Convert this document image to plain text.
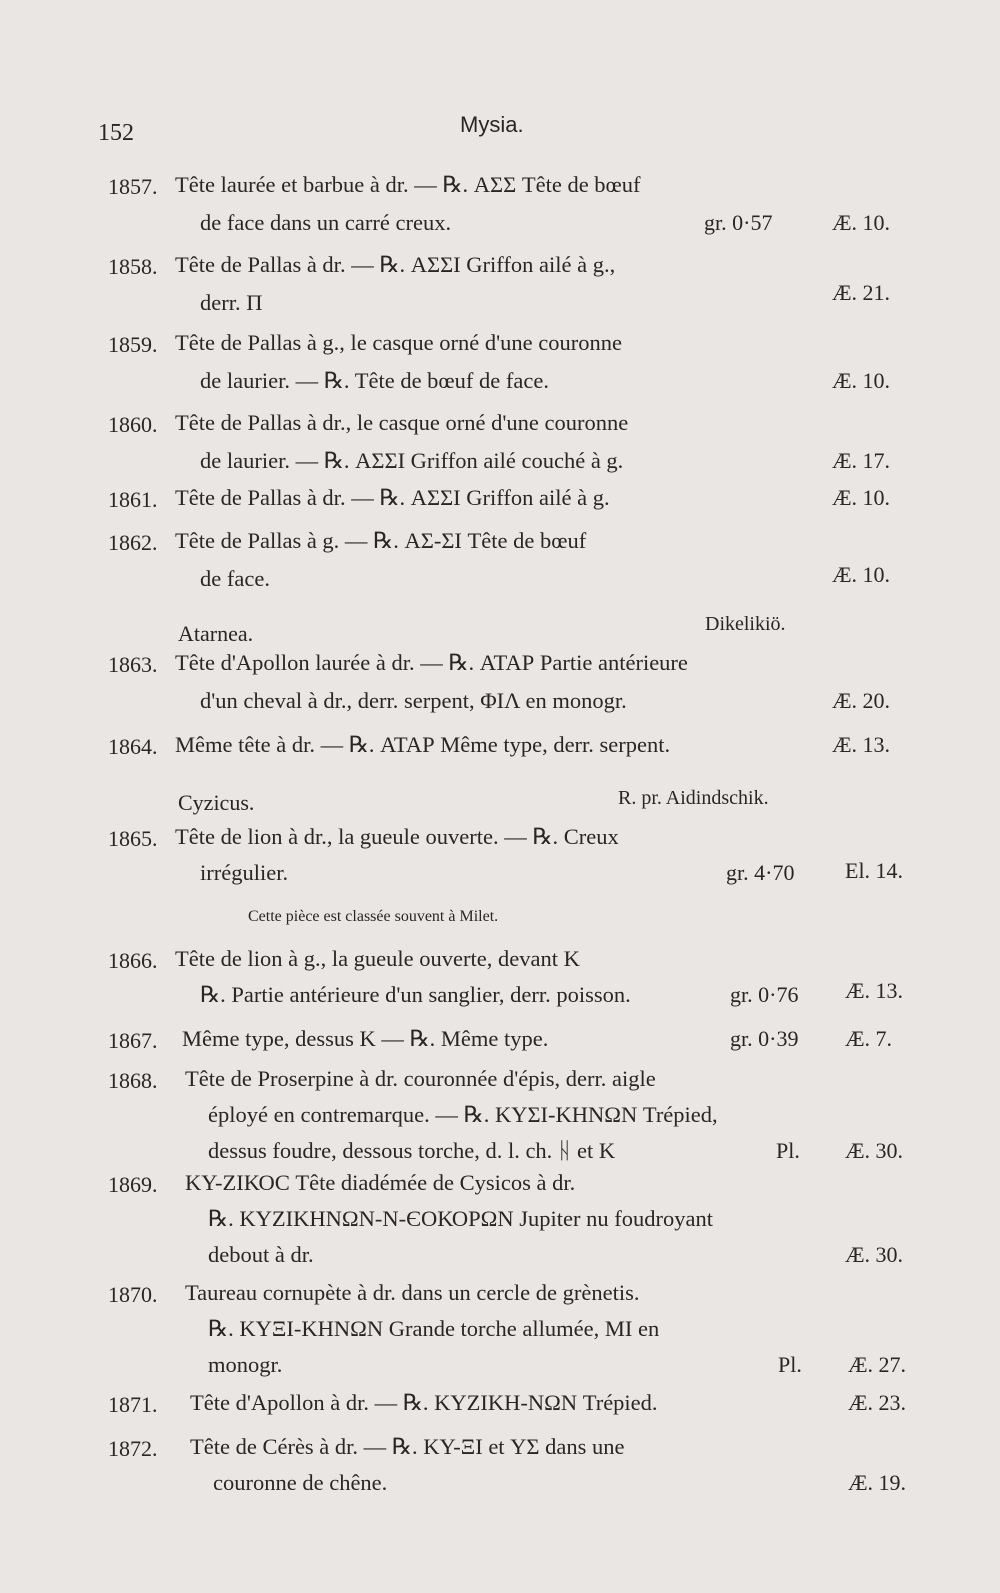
152	Mysia.
1857. Tête laurée et barbue à dr. — ℞. ΑΣΣ Tête de bœuf
de face dans un carré creux.	gr. 0·57	Æ. 10.
1858. Tête de Pallas à dr. — ℞. ΑΣΣΙ Griffon ailé à g.,
derr. Π	Æ. 21.
1859. Tête de Pallas à g., le casque orné d'une couronne
de laurier. — ℞. Tête de bœuf de face.	Æ. 10.
1860. Tête de Pallas à dr., le casque orné d'une couronne
de laurier. — ℞. ΑΣΣΙ Griffon ailé couché à g.	Æ. 17.
1861. Tête de Pallas à dr. — ℞. ΑΣΣΙ Griffon ailé à g.	Æ. 10.
1862. Tête de Pallas à g. — ℞. ΑΣ-ΣΙ Tête de bœuf
de face.	Æ. 10.
Atarnea.	Dikelikiö.
1863. Tête d'Apollon laurée à dr. — ℞. ΑΤΑΡ Partie antérieure
d'un cheval à dr., derr. serpent, ΦΙΛ en monogr.	Æ. 20.
1864. Même tête à dr. — ℞. ΑΤΑΡ Même type, derr. serpent.	Æ. 13.
Cyzicus.	R. pr. Aidindschik.
1865. Tête de lion à dr., la gueule ouverte. — ℞. Creux
irrégulier.	gr. 4·70 El. 14.
Cette pièce est classée souvent à Milet.
1866. Tête de lion à g., la gueule ouverte, devant Κ
℞. Partie antérieure d'un sanglier, derr. poisson.	gr. 0·76 Æ. 13.
1867. Même type, dessus Κ — ℞. Même type.	gr. 0·39 Æ. 7.
1868. Tête de Proserpine à dr. couronnée d'épis, derr. aigle
éployé en contremarque. — ℞. ΚΥΣΙ-ΚΗΝΩΝ Trépied,
dessus foudre, dessous torche, d. l. ch. ᚺ et Κ	Pl. Æ. 30.
1869. ΚΥ-ΖΙΚΟϹ Tête diadémée de Cysicos à dr.
℞. ΚΥΖΙΚΗΝΩΝ-Ν-ЄΟΚΟΡΩΝ Jupiter nu foudroyant
debout à dr.	Æ. 30.
1870. Taureau cornupète à dr. dans un cercle de grènetis.
℞. ΚΥΞΙ-ΚΗΝΩΝ Grande torche allumée, ΜΙ en
monogr.	Pl. Æ. 27.
1871. Tête d'Apollon à dr. — ℞. ΚΥΖΙΚΗ-ΝΩΝ Trépied.	Æ. 23.
1872. Tête de Cérès à dr. — ℞. ΚΥ-ΞΙ et ΥΣ dans une
couronne de chêne.	Æ. 19.
